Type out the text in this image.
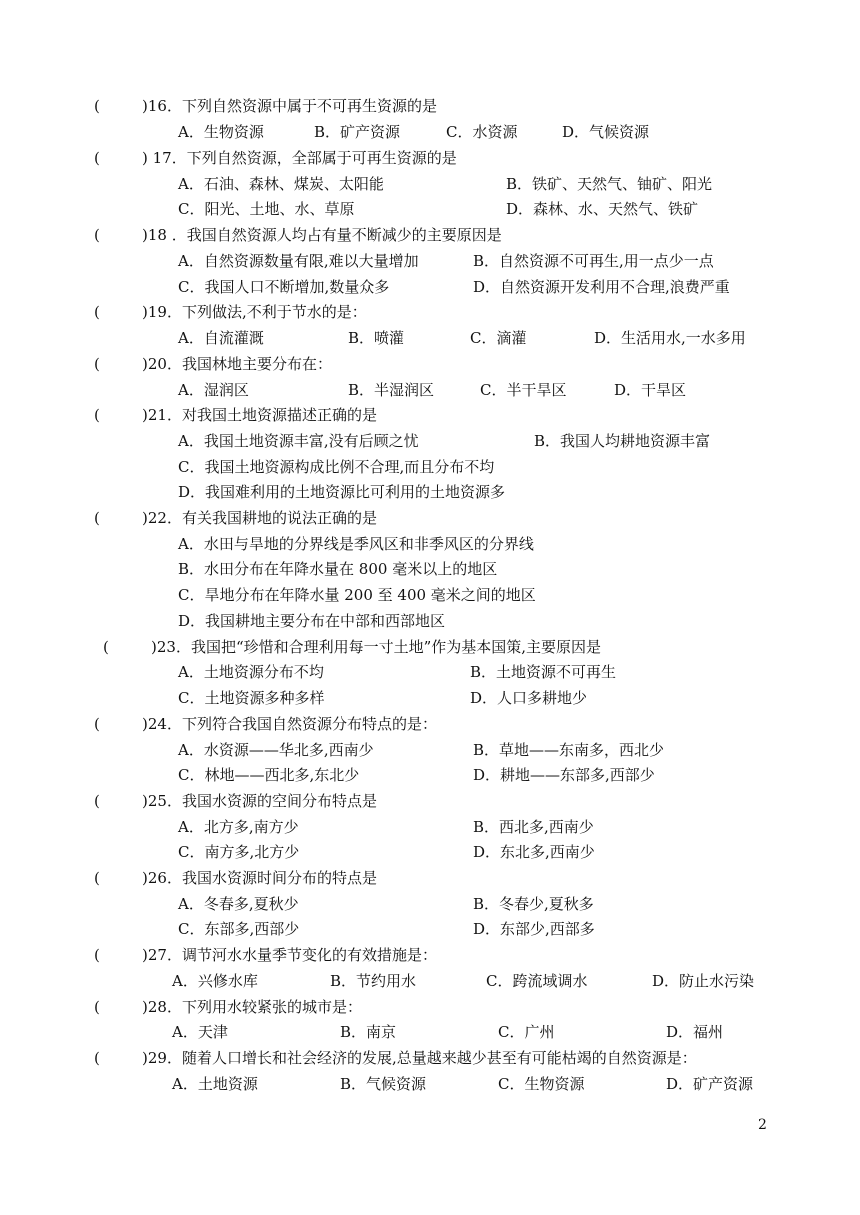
(	)16．下列自然资源中属于不可再生资源的是
A．生物资源	B．矿产资源	C．水资源	D．气候资源
(	) 17．下列自然资源，全部属于可再生资源的是
A．石油、森林、煤炭、太阳能	B．铁矿、天然气、铀矿、阳光
C．阳光、土地、水、草原	D．森林、水、天然气、铁矿
(	)18 ．我国自然资源人均占有量不断减少的主要原因是
A．自然资源数量有限,难以大量增加	B．自然资源不可再生,用一点少一点
C．我国人口不断增加,数量众多	D．自然资源开发利用不合理,浪费严重
(	)19．下列做法,不利于节水的是：
A．自流灌溉	B．喷灌	C．滴灌	D．生活用水,一水多用
(	)20．我国林地主要分布在：
A．湿润区	B．半湿润区	C．半干旱区	D．干旱区
(	)21．对我国土地资源描述正确的是
A．我国土地资源丰富,没有后顾之忧	B．我国人均耕地资源丰富
C．我国土地资源构成比例不合理,而且分布不均
D．我国难利用的土地资源比可利用的土地资源多
(	)22．有关我国耕地的说法正确的是
A．水田与旱地的分界线是季风区和非季风区的分界线
B．水田分布在年降水量在 800 毫米以上的地区
C．旱地分布在年降水量 200 至 400 毫米之间的地区
D．我国耕地主要分布在中部和西部地区
(	)23．我国把“珍惜和合理利用每一寸土地”作为基本国策,主要原因是
A．土地资源分布不均	B．土地资源不可再生
C．土地资源多种多样	D．人口多耕地少
(	)24．下列符合我国自然资源分布特点的是：
A．水资源——华北多,西南少	B．草地——东南多，西北少
C．林地——西北多,东北少	D．耕地——东部多,西部少
(	)25．我国水资源的空间分布特点是
A．北方多,南方少	B．西北多,西南少
C．南方多,北方少	D．东北多,西南少
(	)26．我国水资源时间分布的特点是
A．冬春多,夏秋少	B．冬春少,夏秋多
C．东部多,西部少	D．东部少,西部多
(	)27．调节河水水量季节变化的有效措施是：
A．兴修水库	B．节约用水	C．跨流域调水	D．防止水污染
(	)28．下列用水较紧张的城市是：
A．天津	B．南京	C．广州	D．福州
(	)29．随着人口增长和社会经济的发展,总量越来越少甚至有可能枯竭的自然资源是：
A．土地资源	B．气候资源	C．生物资源	D．矿产资源
2
